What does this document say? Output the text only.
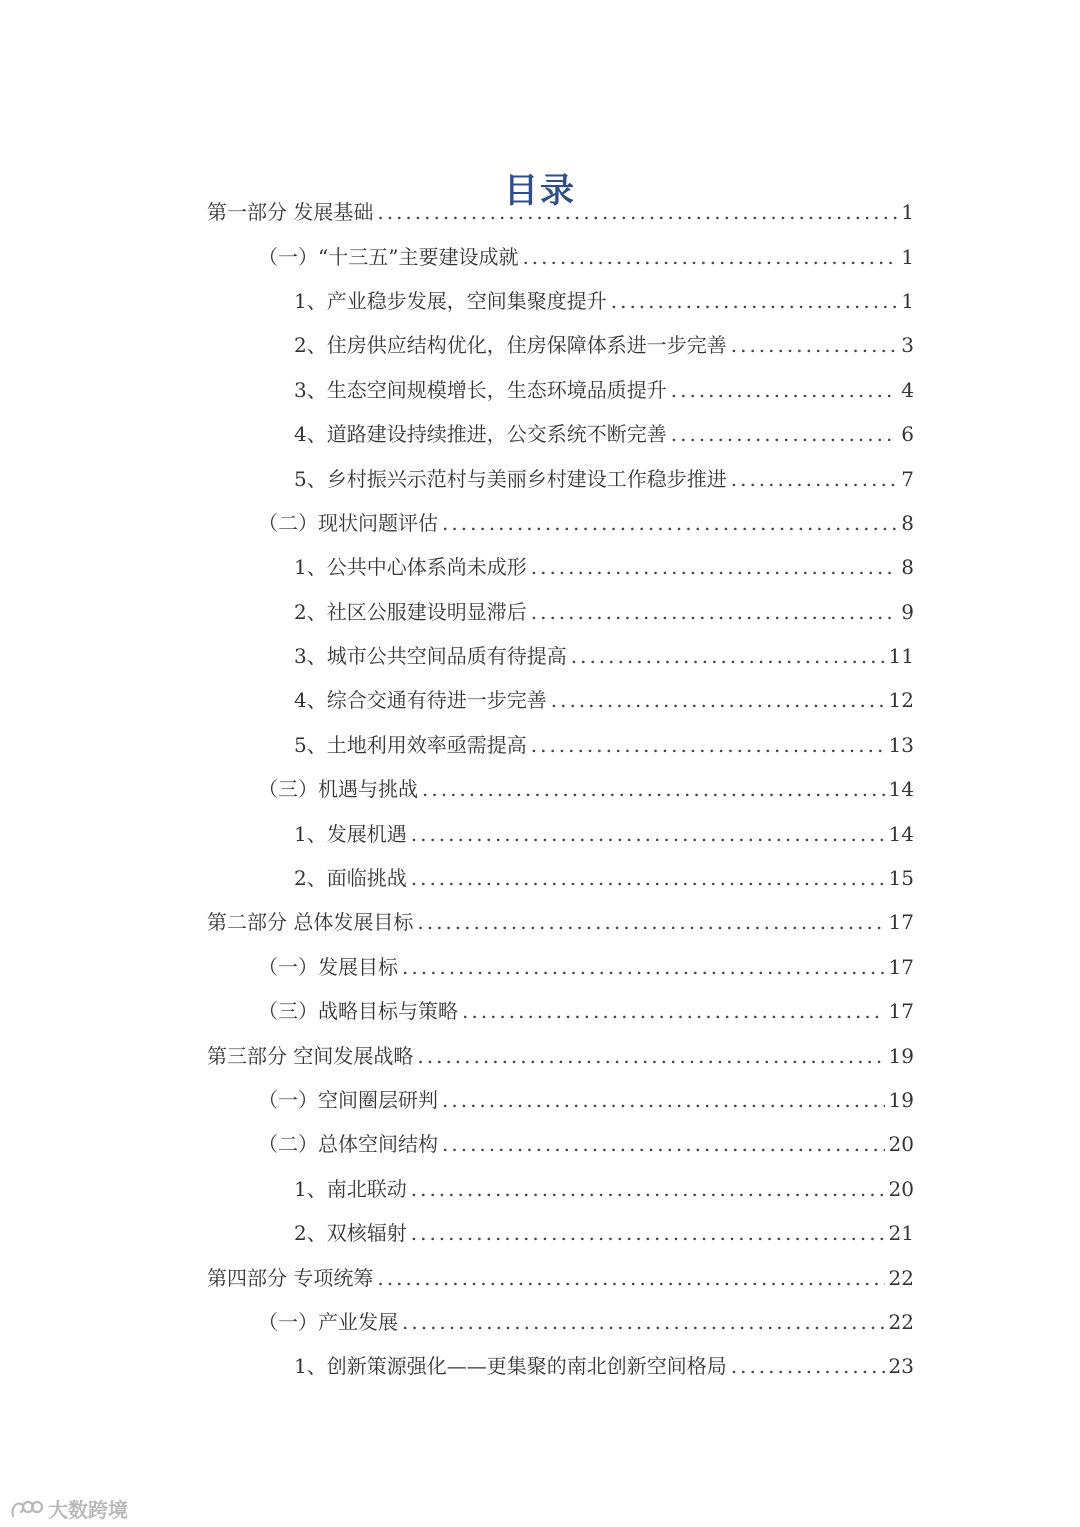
目录
第一部分 发展基础 .....	1
（一）“十三五”主要建设成就 .....	1
1、产业稳步发展，空间集聚度提升 .....	1
2、住房供应结构优化，住房保障体系进一步完善 .....	3
3、生态空间规模增长，生态环境品质提升 .....	4
4、道路建设持续推进，公交系统不断完善 .....	6
5、乡村振兴示范村与美丽乡村建设工作稳步推进 .....	7
（二）现状问题评估 .....	8
1、公共中心体系尚未成形 .....	8
2、社区公服建设明显滞后 .....	9
3、城市公共空间品质有待提高 .....	11
4、综合交通有待进一步完善 .....	12
5、土地利用效率亟需提高 .....	13
（三）机遇与挑战 .....	14
1、发展机遇 .....	14
2、面临挑战 .....	15
第二部分 总体发展目标 .....	17
（一）发展目标 .....	17
（三）战略目标与策略 .....	17
第三部分 空间发展战略 .....	19
（一）空间圈层研判 .....	19
（二）总体空间结构 .....	20
1、南北联动 .....	20
2、双核辐射 .....	21
第四部分 专项统筹 .....	22
（一）产业发展 .....	22
1、创新策源强化——更集聚的南北创新空间格局 .....	23
大数跨境
